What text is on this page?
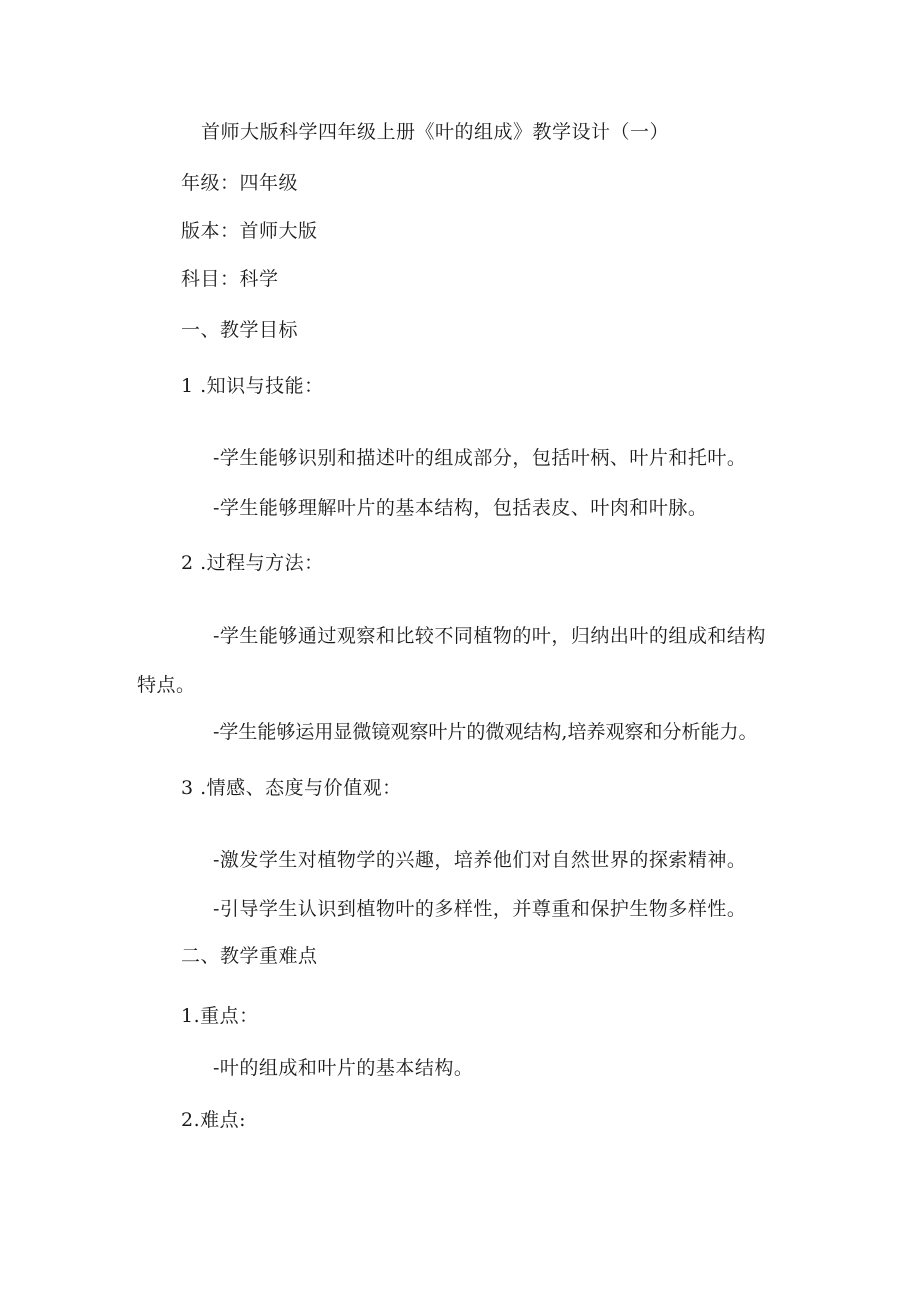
首师大版科学四年级上册《叶的组成》教学设计（一）
年级：四年级
版本：首师大版
科目：科学
一、教学目标
1 .知识与技能：
-学生能够识别和描述叶的组成部分，包括叶柄、叶片和托叶。
-学生能够理解叶片的基本结构，包括表皮、叶肉和叶脉。
2 .过程与方法：
-学生能够通过观察和比较不同植物的叶，归纳出叶的组成和结构
特点。
-学生能够运用显微镜观察叶片的微观结构,培养观察和分析能力。
3 .情感、态度与价值观：
-激发学生对植物学的兴趣，培养他们对自然世界的探索精神。
-引导学生认识到植物叶的多样性，并尊重和保护生物多样性。
二、教学重难点
1.重点：
-叶的组成和叶片的基本结构。
2.难点:
